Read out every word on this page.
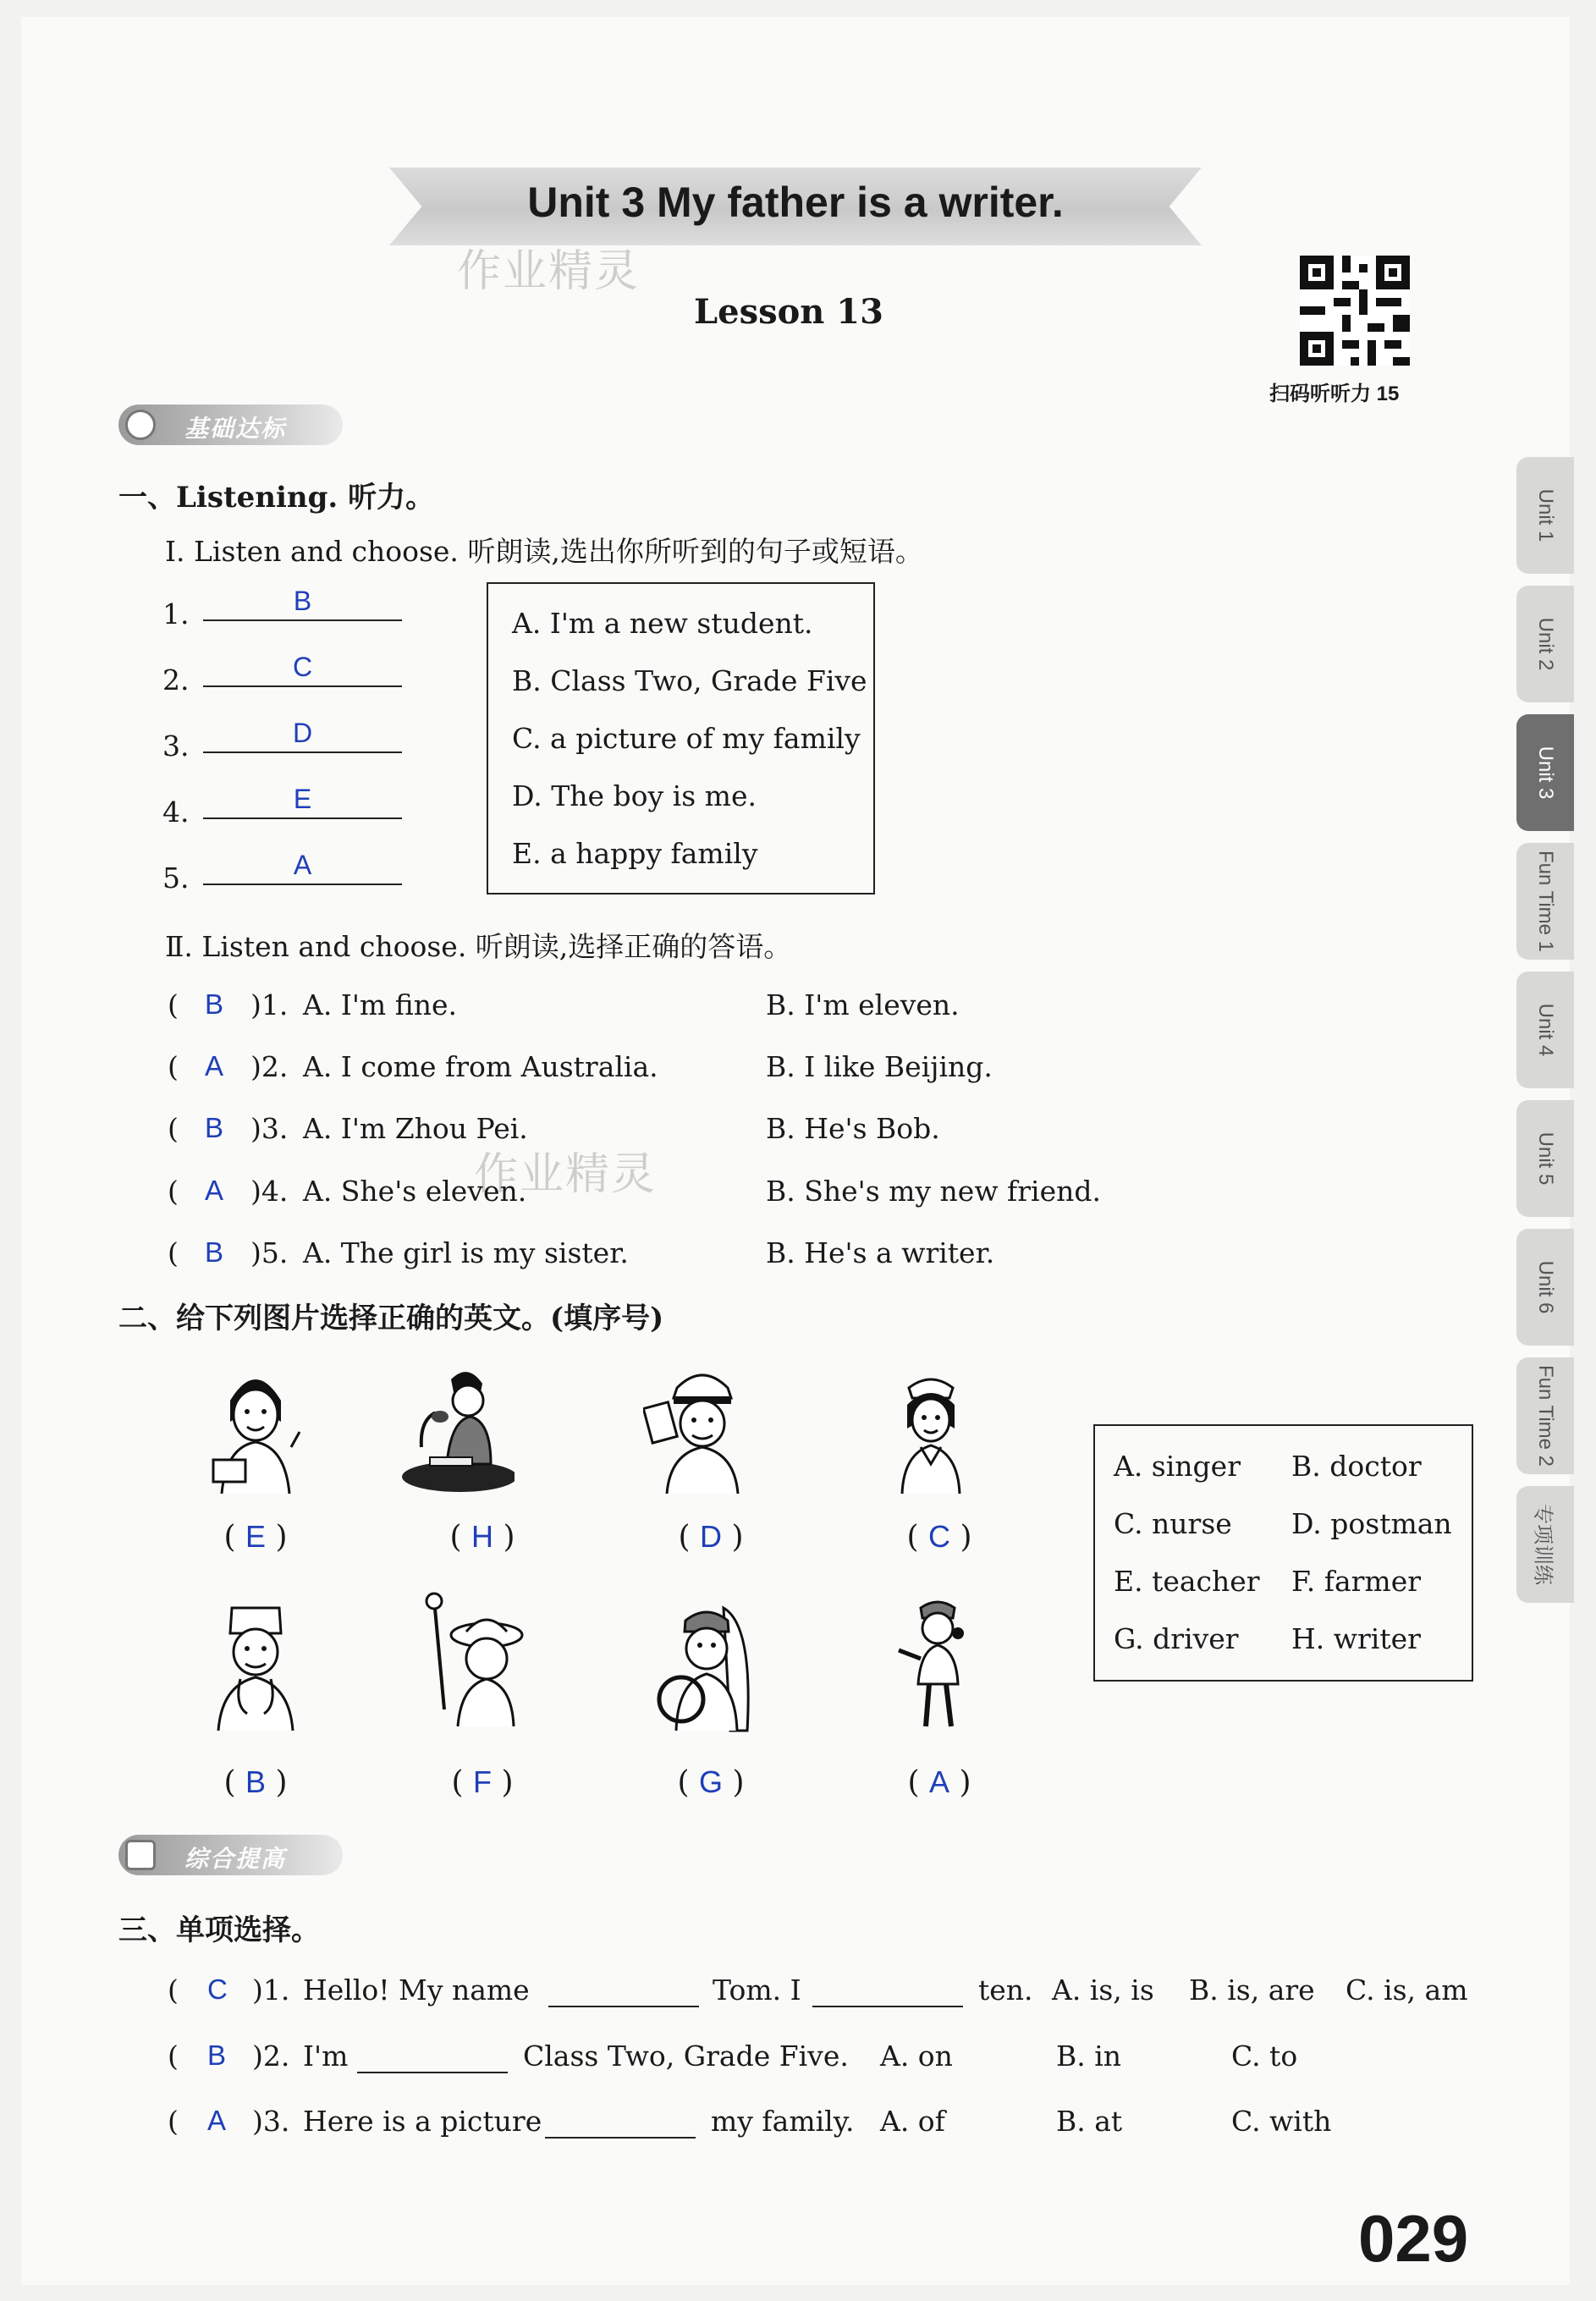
Unit 3 My father is a writer.
Lesson 13
作业精灵
扫码听听力 15
基础达标
一、Listening. 听力。
Ⅰ. Listen and choose. 听朗读,选出你所听到的句子或短语。
1.	B
2.	C
3.	D
4.	E
5.	A
A. I'm a new student.
B. Class Two, Grade Five
C. a picture of my family
D. The boy is me.
E. a happy family
Ⅱ. Listen and choose. 听朗读,选择正确的答语。
( B )1. A. I'm fine.	B. I'm eleven.
( A )2. A. I come from Australia.	B. I like Beijing.
( B )3. A. I'm Zhou Pei.	B. He's Bob.
( A )4. A. She's eleven.	B. She's my new friend.
作业精灵
( B )5. A. The girl is my sister.	B. He's a writer.
二、给下列图片选择正确的英文。(填序号)
( E )	( H )	( D )	( C )
( B )	( F )	( G )	( A )
A. singer B. doctor
C. nurse D. postman
E. teacher F. farmer
G. driver H. writer
综合提高
三、单项选择。
( C )1. Hello! My name	Tom. I	ten. A. is, is B. is, are C. is, am
( B )2. I'm	Class Two, Grade Five. A. on	B. in	C. to
( A )3. Here is a picture	my family. A. of	B. at	C. with
Unit 1
Unit 2
Unit 3
Fun Time 1
Unit 4
Unit 5
Unit 6
Fun Time 2
专项训练
029
